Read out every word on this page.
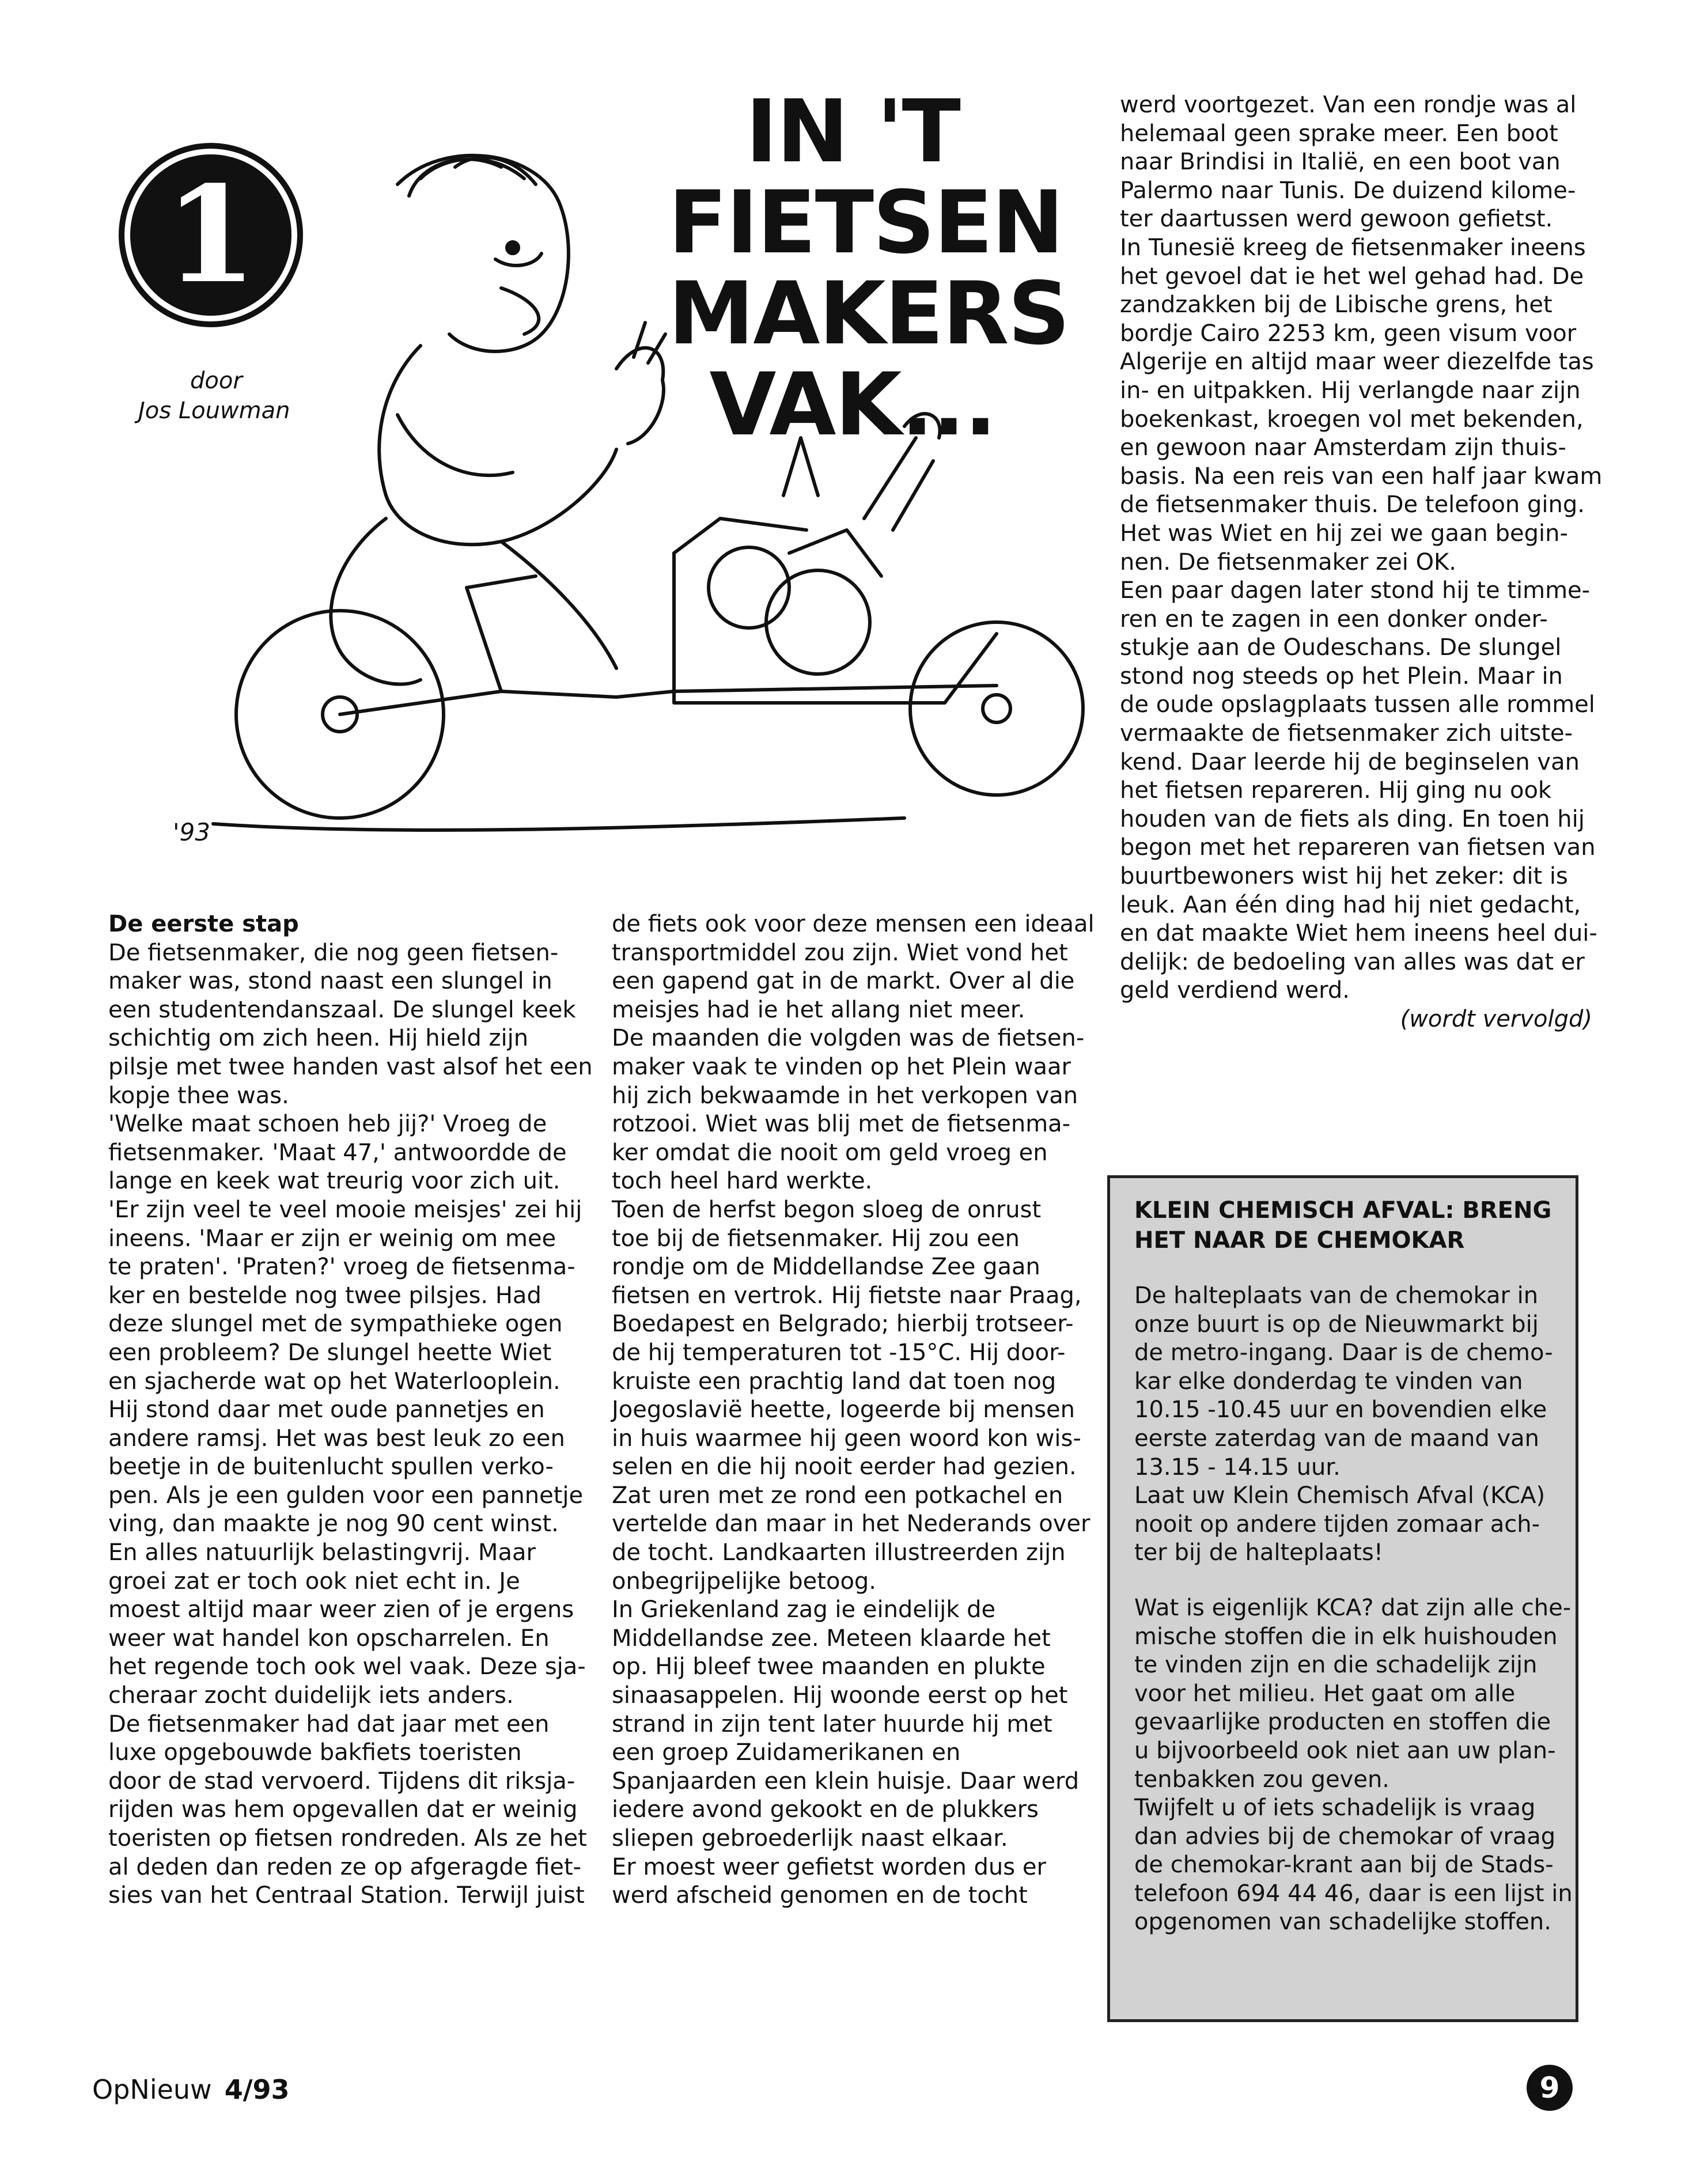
1
door
Jos Louwman
'93
IN 'T
FIETSEN
MAKERS
VAK...
De eerste stap
De fietsenmaker, die nog geen fietsen-
maker was, stond naast een slungel in
een studentendanszaal. De slungel keek
schichtig om zich heen. Hij hield zijn
pilsje met twee handen vast alsof het een
kopje thee was.
'Welke maat schoen heb jij?' Vroeg de
fietsenmaker. 'Maat 47,' antwoordde de
lange en keek wat treurig voor zich uit.
'Er zijn veel te veel mooie meisjes' zei hij
ineens. 'Maar er zijn er weinig om mee
te praten'. 'Praten?' vroeg de fietsenma-
ker en bestelde nog twee pilsjes. Had
deze slungel met de sympathieke ogen
een probleem? De slungel heette Wiet
en sjacherde wat op het Waterlooplein.
Hij stond daar met oude pannetjes en
andere ramsj. Het was best leuk zo een
beetje in de buitenlucht spullen verko-
pen. Als je een gulden voor een pannetje
ving, dan maakte je nog 90 cent winst.
En alles natuurlijk belastingvrij. Maar
groei zat er toch ook niet echt in. Je
moest altijd maar weer zien of je ergens
weer wat handel kon opscharrelen. En
het regende toch ook wel vaak. Deze sja-
cheraar zocht duidelijk iets anders.
De fietsenmaker had dat jaar met een
luxe opgebouwde bakfiets toeristen
door de stad vervoerd. Tijdens dit riksja-
rijden was hem opgevallen dat er weinig
toeristen op fietsen rondreden. Als ze het
al deden dan reden ze op afgeragde fiet-
sies van het Centraal Station. Terwijl juist
de fiets ook voor deze mensen een ideaal
transportmiddel zou zijn. Wiet vond het
een gapend gat in de markt. Over al die
meisjes had ie het allang niet meer.
De maanden die volgden was de fietsen-
maker vaak te vinden op het Plein waar
hij zich bekwaamde in het verkopen van
rotzooi. Wiet was blij met de fietsenma-
ker omdat die nooit om geld vroeg en
toch heel hard werkte.
Toen de herfst begon sloeg de onrust
toe bij de fietsenmaker. Hij zou een
rondje om de Middellandse Zee gaan
fietsen en vertrok. Hij fietste naar Praag,
Boedapest en Belgrado; hierbij trotseer-
de hij temperaturen tot -15°C. Hij door-
kruiste een prachtig land dat toen nog
Joegoslavië heette, logeerde bij mensen
in huis waarmee hij geen woord kon wis-
selen en die hij nooit eerder had gezien.
Zat uren met ze rond een potkachel en
vertelde dan maar in het Nederands over
de tocht. Landkaarten illustreerden zijn
onbegrijpelijke betoog.
In Griekenland zag ie eindelijk de
Middellandse zee. Meteen klaarde het
op. Hij bleef twee maanden en plukte
sinaasappelen. Hij woonde eerst op het
strand in zijn tent later huurde hij met
een groep Zuidamerikanen en
Spanjaarden een klein huisje. Daar werd
iedere avond gekookt en de plukkers
sliepen gebroederlijk naast elkaar.
Er moest weer gefietst worden dus er
werd afscheid genomen en de tocht
werd voortgezet. Van een rondje was al
helemaal geen sprake meer. Een boot
naar Brindisi in Italië, en een boot van
Palermo naar Tunis. De duizend kilome-
ter daartussen werd gewoon gefietst.
In Tunesië kreeg de fietsenmaker ineens
het gevoel dat ie het wel gehad had. De
zandzakken bij de Libische grens, het
bordje Cairo 2253 km, geen visum voor
Algerije en altijd maar weer diezelfde tas
in- en uitpakken. Hij verlangde naar zijn
boekenkast, kroegen vol met bekenden,
en gewoon naar Amsterdam zijn thuis-
basis. Na een reis van een half jaar kwam
de fietsenmaker thuis. De telefoon ging.
Het was Wiet en hij zei we gaan begin-
nen. De fietsenmaker zei OK.
Een paar dagen later stond hij te timme-
ren en te zagen in een donker onder-
stukje aan de Oudeschans. De slungel
stond nog steeds op het Plein. Maar in
de oude opslagplaats tussen alle rommel
vermaakte de fietsenmaker zich uitste-
kend. Daar leerde hij de beginselen van
het fietsen repareren. Hij ging nu ook
houden van de fiets als ding. En toen hij
begon met het repareren van fietsen van
buurtbewoners wist hij het zeker: dit is
leuk. Aan één ding had hij niet gedacht,
en dat maakte Wiet hem ineens heel dui-
delijk: de bedoeling van alles was dat er
geld verdiend werd.
(wordt vervolgd)
KLEIN CHEMISCH AFVAL: BRENG
HET NAAR DE CHEMOKAR
De halteplaats van de chemokar in
onze buurt is op de Nieuwmarkt bij
de metro-ingang. Daar is de chemo-
kar elke donderdag te vinden van
10.15 -10.45 uur en bovendien elke
eerste zaterdag van de maand van
13.15 - 14.15 uur.
Laat uw Klein Chemisch Afval (KCA)
nooit op andere tijden zomaar ach-
ter bij de halteplaats!
Wat is eigenlijk KCA? dat zijn alle che-
mische stoffen die in elk huishouden
te vinden zijn en die schadelijk zijn
voor het milieu. Het gaat om alle
gevaarlijke producten en stoffen die
u bijvoorbeeld ook niet aan uw plan-
tenbakken zou geven.
Twijfelt u of iets schadelijk is vraag
dan advies bij de chemokar of vraag
de chemokar-krant aan bij de Stads-
telefoon 694 44 46, daar is een lijst in
opgenomen van schadelijke stoffen.
OpNieuw 4/93	9
